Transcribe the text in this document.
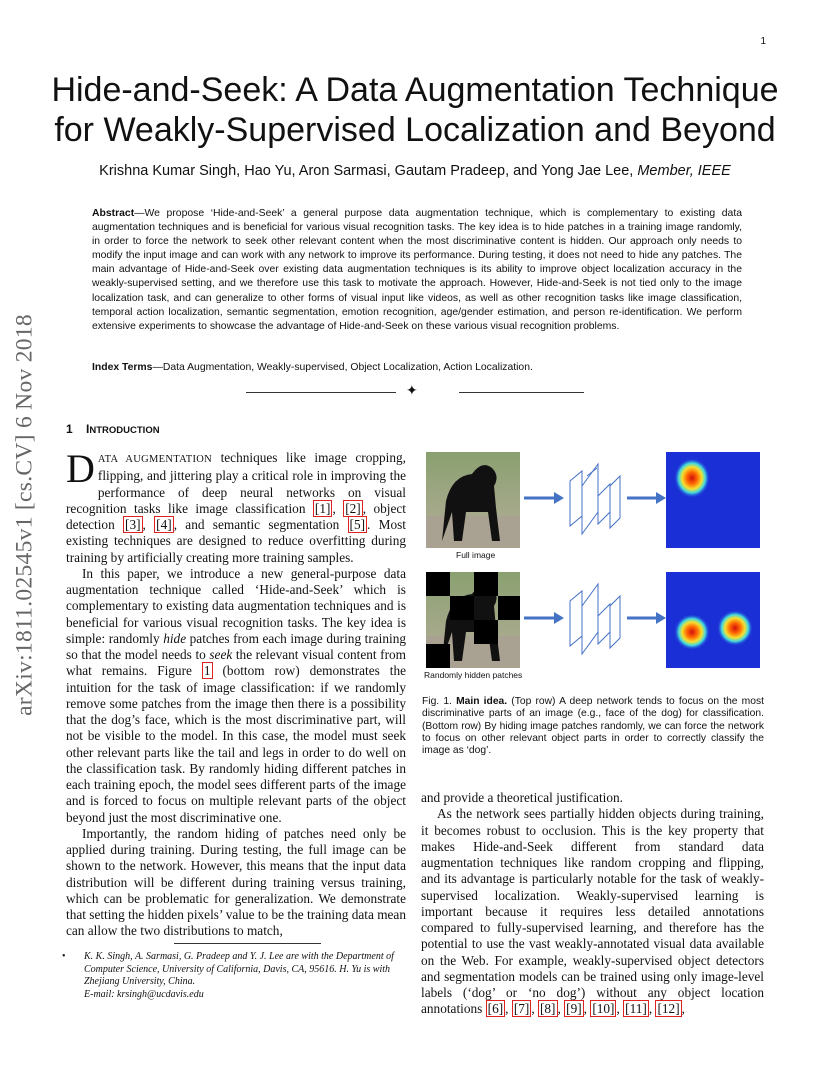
1
Hide-and-Seek: A Data Augmentation Technique
for Weakly-Supervised Localization and Beyond
Krishna Kumar Singh, Hao Yu, Aron Sarmasi, Gautam Pradeep, and Yong Jae Lee, Member, IEEE
Abstract—We propose ‘Hide-and-Seek’ a general purpose data augmentation technique, which is complementary to existing data augmentation techniques and is beneficial for various visual recognition tasks. The key idea is to hide patches in a training image randomly, in order to force the network to seek other relevant content when the most discriminative content is hidden. Our approach only needs to modify the input image and can work with any network to improve its performance. During testing, it does not need to hide any patches. The main advantage of Hide-and-Seek over existing data augmentation techniques is its ability to improve object localization accuracy in the weakly-supervised setting, and we therefore use this task to motivate the approach. However, Hide-and-Seek is not tied only to the image localization task, and can generalize to other forms of visual input like videos, as well as other recognition tasks like image classification, temporal action localization, semantic segmentation, emotion recognition, age/gender estimation, and person re-identification. We perform extensive experiments to showcase the advantage of Hide-and-Seek on these various visual recognition problems.
Index Terms—Data Augmentation, Weakly-supervised, Object Localization, Action Localization.
✦
arXiv:1811.02545v1 [cs.CV] 6 Nov 2018 1 INTRODUCTION

DATA AUGMENTATION techniques like image cropping, flipping, and jittering play a critical role in improving the performance of deep neural networks on visual recognition tasks like image classification [1] , [2] , object detection [3] , [4] , and semantic segmentation [5] . Most existing techniques are designed to reduce overfitting during training by artificially creating more training samples.

In this paper, we introduce a new general-purpose data augmentation technique called ‘Hide-and-Seek’ which is complementary to existing data augmentation techniques and is beneficial for various visual recognition tasks. The key idea is simple: randomly hide patches from each image during training so that the model needs to seek the relevant visual content from what remains. Figure 1 (bottom row) demonstrates the intuition for the task of image classification: if we randomly remove some patches from the image then there is a possibility that the dog’s face, which is the most discriminative part, will not be visible to the model. In this case, the model must seek other relevant parts like the tail and legs in order to do well on the classification task. By randomly hiding different patches in each training epoch, the model sees different parts of the image and is forced to focus on multiple relevant parts of the object beyond just the most discriminative one.

Importantly, the random hiding of patches need only be applied during training. During testing, the full image can be shown to the network. However, this means that the input data distribution will be different during training versus training, which can be problematic for generalization. We demonstrate that setting the hidden pixels’ value to be the training data mean can allow the two distributions to match,

• K. K. Singh, A. Sarmasi, G. Pradeep and Y. J. Lee are with the Department of Computer Science, University of California, Davis, CA, 95616. H. Yu is with Zhejiang University, China.
E-mail: krsingh@ucdavis.edu
Full image
Randomly hidden patches
Fig. 1. Main idea. (Top row) A deep network tends to focus on the most discriminative parts of an image (e.g., face of the dog) for classification. (Bottom row) By hiding image patches randomly, we can force the network to focus on other relevant object parts in order to correctly classify the image as ‘dog’.

and provide a theoretical justification.

As the network sees partially hidden objects during training, it becomes robust to occlusion. This is the key property that makes Hide-and-Seek different from standard data augmentation techniques like random cropping and flipping, and its advantage is particularly notable for the task of weakly-supervised localization. Weakly-supervised learning is important because it requires less detailed annotations compared to fully-supervised learning, and therefore has the potential to use the vast weakly-annotated visual data available on the Web. For example, weakly-supervised object detectors and segmentation models can be trained using only image-level labels (‘dog’ or ‘no dog’) without any object location annotations [6] , [7] , [8] , [9] , [10] , [11] , [12] ,
